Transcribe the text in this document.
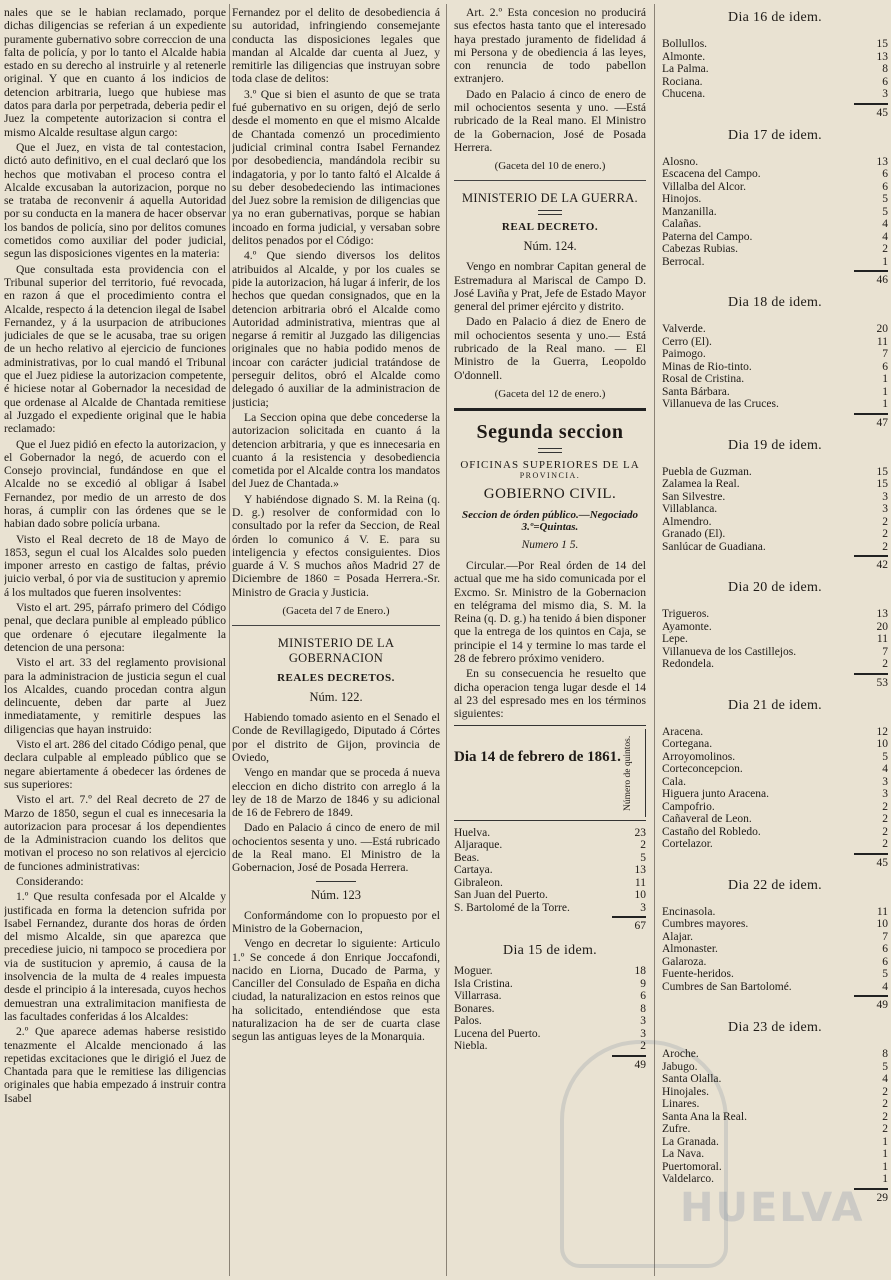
nales que se le habian reclamado, porque dichas diligencias se referian á un expediente puramente gubernativo sobre correccion de una falta de policía, y por lo tanto el Alcalde habia estado en su derecho al instruirle y al retenerle original. Y que en cuanto á los indicios de detencion arbitraria, luego que hubiese mas datos para darla por perpetrada, deberia pedir el Juez la competente autorizacion si contra el mismo Alcalde resultase algun cargo:

Que el Juez, en vista de tal contestacion, dictó auto definitivo, en el cual declaró que los hechos que motivaban el proceso contra el Alcalde excusaban la autorizacion, porque no se trataba de reconvenir á aquella Autoridad por su conducta en la manera de hacer observar los bandos de policía, sino por delitos comunes cometidos como auxiliar del poder judicial, segun las disposiciones vigentes en la materia:

Que consultada esta providencia con el Tribunal superior del territorio, fué revocada, en razon á que el procedimiento contra el Alcalde, respecto á la detencion ilegal de Isabel Fernandez, y á la usurpacion de atribuciones judiciales de que se le acusaba, trae su origen de un hecho relativo al ejercicio de funciones administrativas, por lo cual mandó el Tribunal que el Juez pidiese la autorizacion competente, é hiciese notar al Gobernador la necesidad de que ordenase al Alcalde de Chantada remitiese al Juzgado el expediente original que le habia reclamado:

Que el Juez pidió en efecto la autorizacion, y el Gobernador la negó, de acuerdo con el Consejo provincial, fundándose en que el Alcalde no se excedió al obligar á Isabel Fernandez, por medio de un arresto de dos horas, á cumplir con las órdenes que se le habian dado sobre policía urbana.

Visto el Real decreto de 18 de Mayo de 1853, segun el cual los Alcaldes solo pueden imponer arresto en castigo de faltas, prévio juicio verbal, ó por via de sustitucion y apremio á los multados que fueren insolventes:

Visto el art. 295, párrafo primero del Código penal, que declara punible al empleado público que ordenare ó ejecutare ilegalmente la detencion de una persona:

Visto el art. 33 del reglamento provisional para la administracion de justicia segun el cual los Alcaldes, cuando procedan contra algun delincuente, deben dar parte al Juez inmediatamente, y remitirle despues las diligencias que hayan instruido:

Visto el art. 286 del citado Código penal, que declara culpable al empleado público que se negare abiertamente á obedecer las órdenes de sus superiores:

Visto el art. 7.º del Real decreto de 27 de Marzo de 1850, segun el cual es innecesaria la autorizacion para procesar á los dependientes de la Administracion cuando los delitos que motivan el proceso no son relativos al ejercicio de funciones administrativas:

Considerando:

1.º Que resulta confesada por el Alcalde y justificada en forma la detencion sufrida por Isabel Fernandez, durante dos horas de órden del mismo Alcalde, sin que aparezca que precediese juicio, ni tampoco se procediera por via de sustitucion y apremio, á causa de la insolvencia de la multa de 4 reales impuesta desde el principio á la interesada, cuyos hechos demuestran una extralimitacion manifiesta de las facultades conferidas á los Alcaldes:

2.º Que aparece ademas haberse resistido tenazmente el Alcalde mencionado á las repetidas excitaciones que le dirigió el Juez de Chantada para que le remitiese las diligencias originales que habia empezado á instruir contra Isabel

Fernandez por el delito de desobediencia á su autoridad, infringiendo consemejante conducta las disposiciones legales que mandan al Alcalde dar cuenta al Juez, y remitirle las diligencias que instruyan sobre toda clase de delitos:

3.º Que si bien el asunto de que se trata fué gubernativo en su origen, dejó de serlo desde el momento en que el mismo Alcalde de Chantada comenzó un procedimiento judicial criminal contra Isabel Fernandez por desobediencia, mandándola recibir su indagatoria, y por lo tanto faltó el Alcalde á su deber desobedeciendo las intimaciones del Juez sobre la remision de diligencias que ya no eran gubernativas, porque se habian incoado en forma judicial, y versaban sobre delitos penados por el Código:

4.º Que siendo diversos los delitos atribuidos al Alcalde, y por los cuales se pide la autorizacion, há lugar á inferir, de los hechos que quedan consignados, que en la detencion arbitraria obró el Alcalde como Autoridad administrativa, mientras que al negarse á remitir al Juzgado las diligencias originales que no habia podido menos de incoar con carácter judicial tratándose de perseguir delitos, obró el Alcalde como delegado ó auxiliar de la administracion de justicia;

La Seccion opina que debe concederse la autorizacion solicitada en cuanto á la detencion arbitraria, y que es innecesaria en cuanto á la resistencia y desobediencia cometida por el Alcalde contra los mandatos del Juez de Chantada.»

Y habiéndose dignado S. M. la Reina (q. D. g.) resolver de conformidad con lo consultado por la refer da Seccion, de Real órden lo comunico á V. E. para su inteligencia y efectos consiguientes. Dios guarde á V. S muchos años Madrid 27 de Diciembre de 1860 = Posada Herrera.-Sr. Ministro de Gracia y Justicia.

(Gaceta del 7 de Enero.)
MINISTERIO DE LA GOBERNACION
REALES DECRETOS.
Núm. 122.

Habiendo tomado asiento en el Senado el Conde de Revillagigedo, Diputado á Córtes por el distrito de Gijon, provincia de Oviedo,

Vengo en mandar que se proceda á nueva eleccion en dicho distrito con arreglo á la ley de 18 de Marzo de 1846 y su adicional de 16 de Febrero de 1849.

Dado en Palacio á cinco de enero de mil ochocientos sesenta y uno. —Está rubricado de la Real mano. El Ministro de la Gobernacion, José de Posada Herrera.

Núm. 123

Conformándome con lo propuesto por el Ministro de la Gobernacion,

Vengo en decretar lo siguiente: Articulo 1.º Se concede á don Enrique Joccafondi, nacido en Liorna, Ducado de Parma, y Canciller del Consulado de España en dicha ciudad, la naturalizacion en estos reinos que ha solicitado, entendiéndose que esta naturalizacion ha de ser de cuarta clase segun las antiguas leyes de la Monarquia.

Art. 2.º Esta concesion no producirá sus efectos hasta tanto que el interesado haya prestado juramento de fidelidad á mi Persona y de obediencia á las leyes, con renuncia de todo pabellon extranjero.

Dado en Palacio á cinco de enero de mil ochocientos sesenta y uno. —Está rubricado de la Real mano. El Ministro de la Gobernacion, José de Posada Herrera.

(Gaceta del 10 de enero.)
MINISTERIO DE LA GUERRA.
REAL DECRETO.
Núm. 124.

Vengo en nombrar Capitan general de Estremadura al Mariscal de Campo D. José Laviña y Prat, Jefe de Estado Mayor general del primer ejército y distrito.

Dado en Palacio á diez de Enero de mil ochocientos sesenta y uno.— Está rubricado de la Real mano. — El Ministro de la Guerra, Leopoldo O'donnell.

(Gaceta del 12 de enero.)
Segunda seccion
OFICINAS SUPERIORES DE LA
PROVINCIA.
GOBIERNO CIVIL.
Seccion de órden público.—Negociado 3.º=Quintas.
Numero 1 5.

Circular.—Por Real órden de 14 del actual que me ha sido comunicada por el Excmo. Sr. Ministro de la Gobernacion en telégrama del mismo dia, S. M. la Reina (q. D. g.) ha tenido á bien disponer que la entrega de los quintos en Caja, se principie el 14 y termine lo mas tarde el 28 de febrero próximo venidero.

En su consecuencia he resuelto que dicha operacion tenga lugar desde el 14 al 23 del espresado mes en los términos siguientes:

Dia 14 de febrero de 1861. Número de quintos.
Huelva.	23
Aljaraque.	2
Beas.	5
Cartaya.	13
Gibraleon.	11
San Juan del Puerto.	10
S. Bartolomé de la Torre.	3
67
Dia 15 de idem.
Moguer.	18
Isla Cristina.	9
Villarrasa.	6
Bonares.	8
Palos.	3
Lucena del Puerto.	3
Niebla.	2
49
Dia 16 de idem.
Bollullos.	15
Almonte.	13
La Palma.	8
Rociana.	6
Chucena.	3
45
Dia 17 de idem.
Alosno.	13
Escacena del Campo.	6
Villalba del Alcor.	6
Hinojos.	5
Manzanilla.	5
Calañas.	4
Paterna del Campo.	4
Cabezas Rubias.	2
Berrocal.	1
46
Dia 18 de idem.
Valverde.	20
Cerro (El).	11
Paimogo.	7
Minas de Rio-tinto.	6
Rosal de Cristina.	1
Santa Bárbara.	1
Villanueva de las Cruces.	1
47
Dia 19 de idem.
Puebla de Guzman.	15
Zalamea la Real.	15
San Silvestre.	3
Villablanca.	3
Almendro.	2
Granado (El).	2
Sanlúcar de Guadiana.	2
42
Dia 20 de idem.
Trigueros.	13
Ayamonte.	20
Lepe.	11
Villanueva de los Castillejos.	7
Redondela.	2
53
Dia 21 de idem.
Aracena.	12
Cortegana.	10
Arroyomolinos.	5
Corteconcepcion.	4
Cala.	3
Higuera junto Aracena.	3
Campofrio.	2
Cañaveral de Leon.	2
Castaño del Robledo.	2
Cortelazor.	2
45
Dia 22 de idem.
Encinasola.	11
Cumbres mayores.	10
Alajar.	7
Almonaster.	6
Galaroza.	6
Fuente-heridos.	5
Cumbres de San Bartolomé.	4
49
Dia 23 de idem.
Aroche.	8
Jabugo.	5
Santa Olalla.	4
Hinojales.	2
Linares.	2
Santa Ana la Real.	2
Zufre.	2
La Granada.	1
La Nava.	1
Puertomoral.	1
Valdelarco.	1
29
HUELVA
